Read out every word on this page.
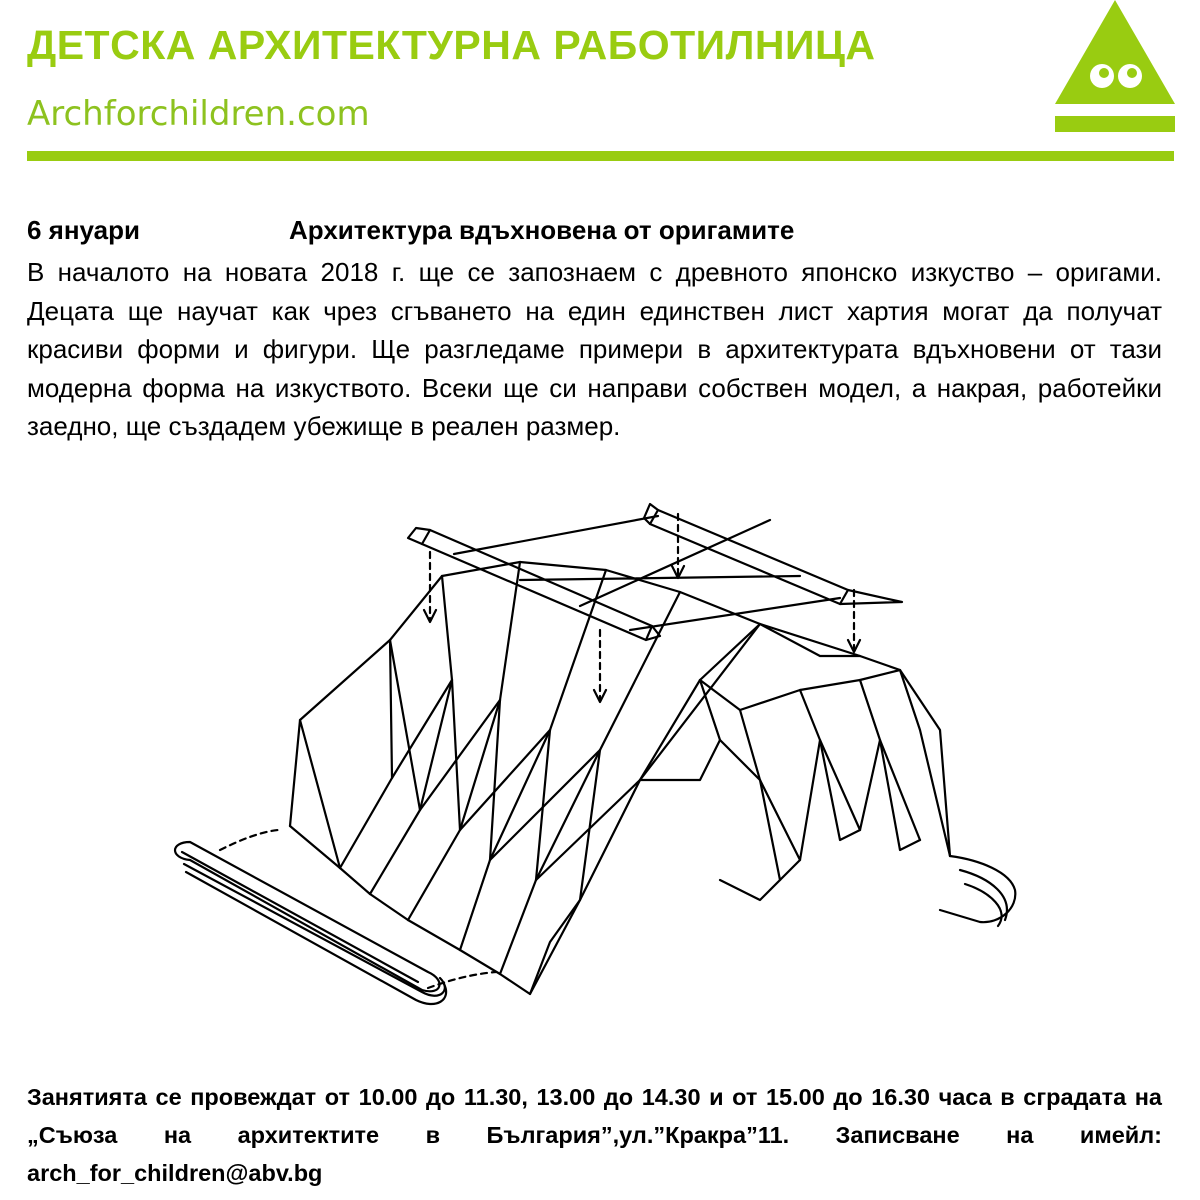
ДЕТСКА АРХИТЕКТУРНА РАБОТИЛНИЦА
Archforchildren.com
6 януари	Архитектура вдъхновена от оригамите

В началото на новата 2018 г. ще се запознаем с древното японско изкуство – оригами. Децата ще научат как чрез сгъването на един единствен лист хартия могат да получат красиви форми и фигури. Ще разгледаме примери в архитектурата вдъхновени от тази модерна форма на изкуството. Всеки ще си направи собствен модел, а накрая, работейки заедно, ще създадем убежище в реален размер.

Занятията се провеждат от 10.00 до 11.30, 13.00 до 14.30 и от 15.00 до 16.30 часа в сградата на „Съюза на архитектите в България”,ул.”Кракра”11. Записване на имейл: arch_for_children@abv.bg
